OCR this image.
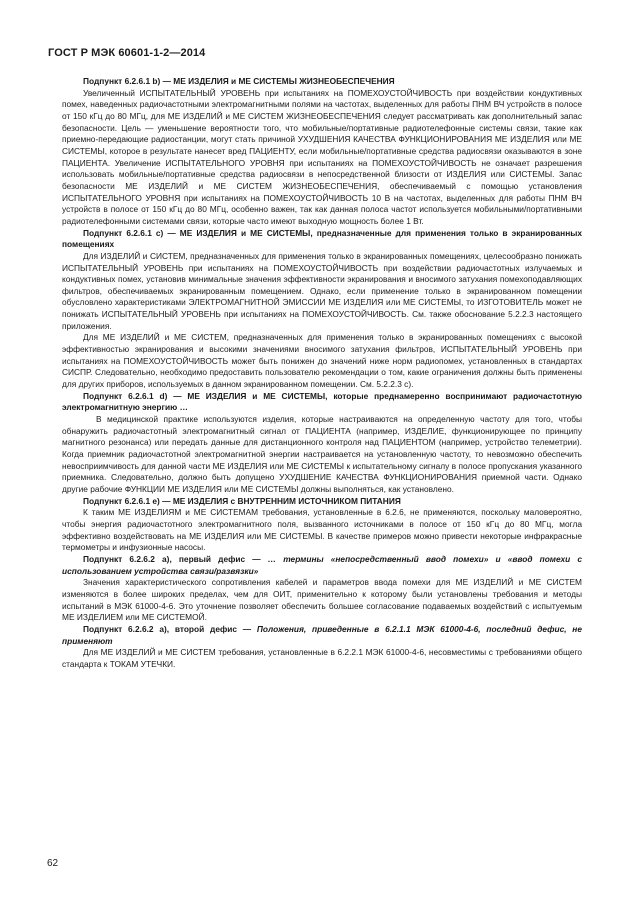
ГОСТ Р МЭК 60601-1-2—2014

Подпункт 6.2.6.1 b) — МЕ ИЗДЕЛИЯ и МЕ СИСТЕМЫ ЖИЗНЕОБЕСПЕЧЕНИЯ

Увеличенный ИСПЫТАТЕЛЬНЫЙ УРОВЕНЬ при испытаниях на ПОМЕХОУСТОЙЧИВОСТЬ при воздействии кондуктивных помех, наведенных радиочастотными электромагнитными полями на частотах, выделенных для работы ПНМ ВЧ устройств в полосе от 150 кГц до 80 МГц, для МЕ ИЗДЕЛИЙ и МЕ СИСТЕМ ЖИЗНЕОБЕСПЕЧЕНИЯ следует рассматривать как дополнительный запас безопасности. Цель — уменьшение вероятности того, что мобильные/портативные радиотелефонные системы связи, такие как приемно-передающие радиостанции, могут стать причиной УХУДШЕНИЯ КАЧЕСТВА ФУНКЦИОНИРОВАНИЯ МЕ ИЗДЕЛИЯ или МЕ СИСТЕМЫ, которое в результате нанесет вред ПАЦИЕНТУ, если мобильные/портативные средства радиосвязи оказываются в зоне ПАЦИЕНТА. Увеличение ИСПЫТАТЕЛЬНОГО УРОВНЯ при испытаниях на ПОМЕХОУСТОЙЧИВОСТЬ не означает разрешения использовать мобильные/портативные средства радиосвязи в непосредственной близости от ИЗДЕЛИЯ или СИСТЕМЫ. Запас безопасности МЕ ИЗДЕЛИЙ и МЕ СИСТЕМ ЖИЗНЕОБЕСПЕЧЕНИЯ, обеспечиваемый с помощью установления ИСПЫТАТЕЛЬНОГО УРОВНЯ при испытаниях на ПОМЕХОУСТОЙЧИВОСТЬ 10 В на частотах, выделенных для работы ПНМ ВЧ устройств в полосе от 150 кГц до 80 МГц, особенно важен, так как данная полоса частот используется мобильными/портативными радиотелефонными системами связи, которые часто имеют выходную мощность более 1 Вт.

Подпункт 6.2.6.1 c) — МЕ ИЗДЕЛИЯ и МЕ СИСТЕМЫ, предназначенные для применения только в экранированных помещениях

Для ИЗДЕЛИЙ и СИСТЕМ, предназначенных для применения только в экранированных помещениях, целесообразно понижать ИСПЫТАТЕЛЬНЫЙ УРОВЕНЬ при испытаниях на ПОМЕХОУСТОЙЧИВОСТЬ при воздействии радиочастотных излучаемых и кондуктивных помех, установив минимальные значения эффективности экранирования и вносимого затухания помехоподавляющих фильтров, обеспечиваемых экранированным помещением. Однако, если применение только в экранированном помещении обусловлено характеристиками ЭЛЕКТРОМАГНИТНОЙ ЭМИССИИ МЕ ИЗДЕЛИЯ или МЕ СИСТЕМЫ, то ИЗГОТОВИТЕЛЬ может не понижать ИСПЫТАТЕЛЬНЫЙ УРОВЕНЬ при испытаниях на ПОМЕХОУСТОЙЧИВОСТЬ. См. также обоснование 5.2.2.3 настоящего приложения.

Для МЕ ИЗДЕЛИЙ и МЕ СИСТЕМ, предназначенных для применения только в экранированных помещениях с высокой эффективностью экранирования и высокими значениями вносимого затухания фильтров, ИСПЫТАТЕЛЬНЫЙ УРОВЕНЬ при испытаниях на ПОМЕХОУСТОЙЧИВОСТЬ может быть понижен до значений ниже норм радиопомех, установленных в стандартах СИСПР. Следовательно, необходимо предоставить пользователю рекомендации о том, какие ограничения должны быть применены для других приборов, используемых в данном экранированном помещении. См. 5.2.2.3 c).

Подпункт 6.2.6.1 d) — МЕ ИЗДЕЛИЯ и МЕ СИСТЕМЫ, которые преднамеренно воспринимают радиочастотную электромагнитную энергию …

В медицинской практике используются изделия, которые настраиваются на определенную частоту для того, чтобы обнаружить радиочастотный электромагнитный сигнал от ПАЦИЕНТА (например, ИЗДЕЛИЕ, функционирующее по принципу магнитного резонанса) или передать данные для дистанционного контроля над ПАЦИЕНТОМ (например, устройство телеметрии). Когда приемник радиочастотной электромагнитной энергии настраивается на установленную частоту, то невозможно обеспечить невосприимчивость для данной части МЕ ИЗДЕЛИЯ или МЕ СИСТЕМЫ к испытательному сигналу в полосе пропускания указанного приемника. Следовательно, должно быть допущено УХУДШЕНИЕ КАЧЕСТВА ФУНКЦИОНИРОВАНИЯ приемной части. Однако другие рабочие ФУНКЦИИ МЕ ИЗДЕЛИЯ или МЕ СИСТЕМЫ должны выполняться, как установлено.

Подпункт 6.2.6.1 e) — МЕ ИЗДЕЛИЯ с ВНУТРЕННИМ ИСТОЧНИКОМ ПИТАНИЯ

К таким МЕ ИЗДЕЛИЯМ и МЕ СИСТЕМАМ требования, установленные в 6.2.6, не применяются, поскольку маловероятно, чтобы энергия радиочастотного электромагнитного поля, вызванного источниками в полосе от 150 кГц до 80 МГц, могла эффективно воздействовать на МЕ ИЗДЕЛИЯ или МЕ СИСТЕМЫ. В качестве примеров можно привести некоторые инфракрасные термометры и инфузионные насосы.

Подпункт 6.2.6.2 а), первый дефис — … термины «непосредственный ввод помехи» и «ввод помехи с использованием устройства связи/развязки»

Значения характеристического сопротивления кабелей и параметров ввода помехи для МЕ ИЗДЕЛИЙ и МЕ СИСТЕМ изменяются в более широких пределах, чем для ОИТ, применительно к которому были установлены требования и методы испытаний в МЭК 61000-4-6. Это уточнение позволяет обеспечить большее согласование подаваемых воздействий с испытуемым МЕ ИЗДЕЛИЕМ или МЕ СИСТЕМОЙ.

Подпункт 6.2.6.2 а), второй дефис — Положения, приведенные в 6.2.1.1 МЭК 61000-4-6, последний дефис, не применяют

Для МЕ ИЗДЕЛИЙ и МЕ СИСТЕМ требования, установленные в 6.2.2.1 МЭК 61000-4-6, несовместимы с требованиями общего стандарта к ТОКАМ УТЕЧКИ.

62
